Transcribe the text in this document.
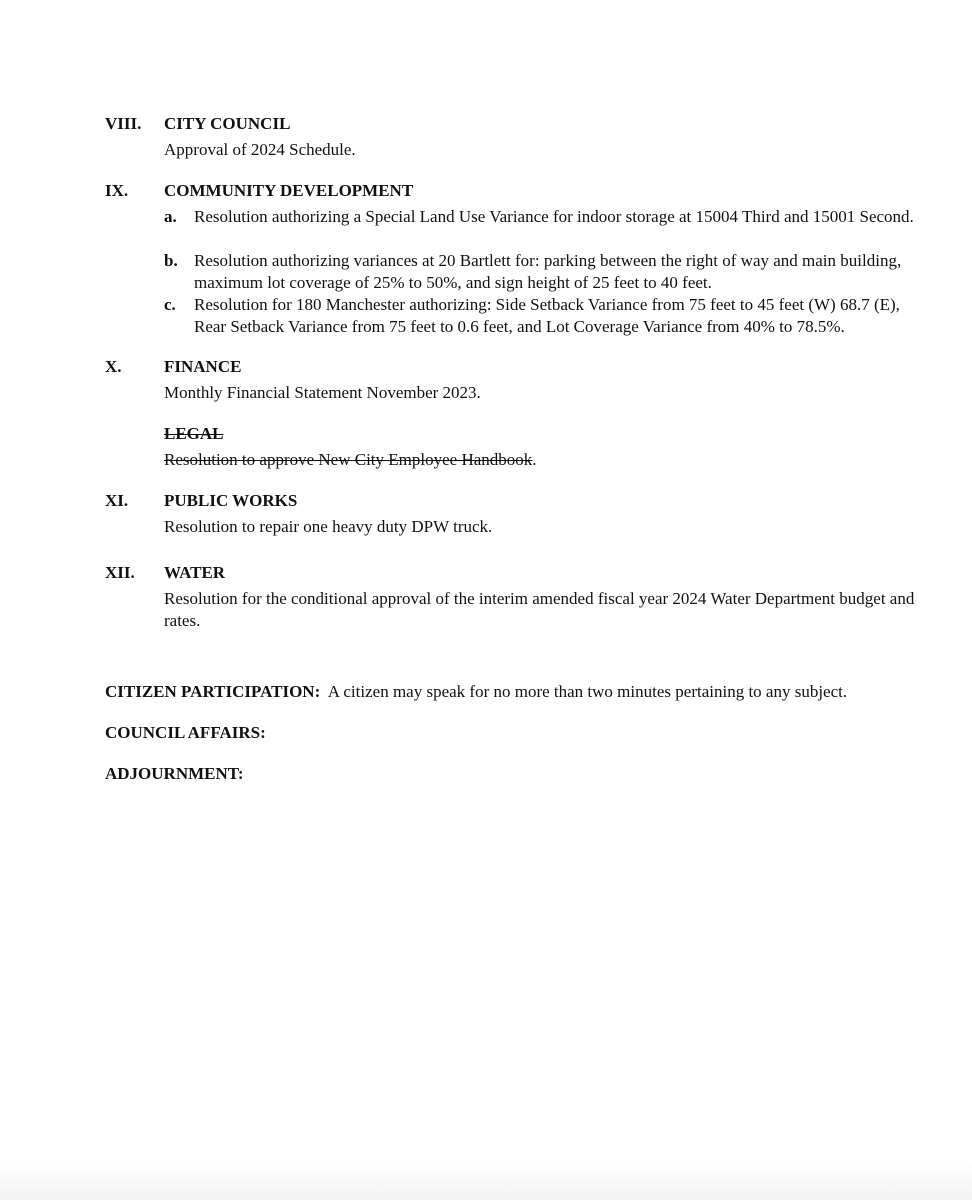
VIII. CITY COUNCIL
Approval of 2024 Schedule.
IX. COMMUNITY DEVELOPMENT
a. Resolution authorizing a Special Land Use Variance for indoor storage at 15004 Third and 15001 Second.
b. Resolution authorizing variances at 20 Bartlett for: parking between the right of way and main building, maximum lot coverage of 25% to 50%, and sign height of 25 feet to 40 feet.
c. Resolution for 180 Manchester authorizing: Side Setback Variance from 75 feet to 45 feet (W) 68.7 (E), Rear Setback Variance from 75 feet to 0.6 feet, and Lot Coverage Variance from 40% to 78.5%.
X. FINANCE
Monthly Financial Statement November 2023.
LEGAL
Resolution to approve New City Employee Handbook.
XI. PUBLIC WORKS
Resolution to repair one heavy duty DPW truck.
XII. WATER
Resolution for the conditional approval of the interim amended fiscal year 2024 Water Department budget and rates.
CITIZEN PARTICIPATION: A citizen may speak for no more than two minutes pertaining to any subject.
COUNCIL AFFAIRS:
ADJOURNMENT:
